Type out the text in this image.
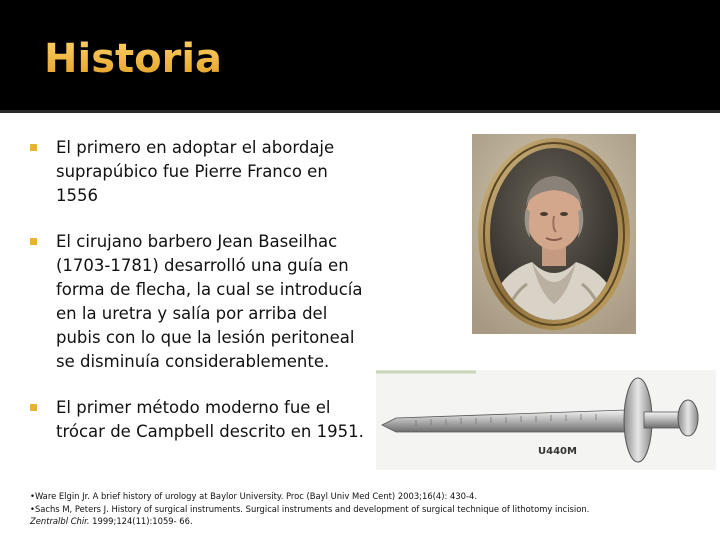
Historia
El primero en adoptar el abordaje suprapúbico fue Pierre Franco en 1556
El cirujano barbero Jean Baseilhac (1703-1781) desarrolló una guía en forma de flecha, la cual se introducía en la uretra y salía por arriba del pubis con lo que la lesión peritoneal se disminuía considerablemente.
El primer método moderno fue el trócar de Campbell descrito en 1951.
U440M
•Ware Elgin Jr. A brief history of urology at Baylor University. Proc (Bayl Univ Med Cent) 2003;16(4): 430-4.
•Sachs M, Peters J. History of surgical instruments. Surgical instruments and development of surgical technique of lithotomy incision.
Zentralbl Chir. 1999;124(11):1059- 66.
